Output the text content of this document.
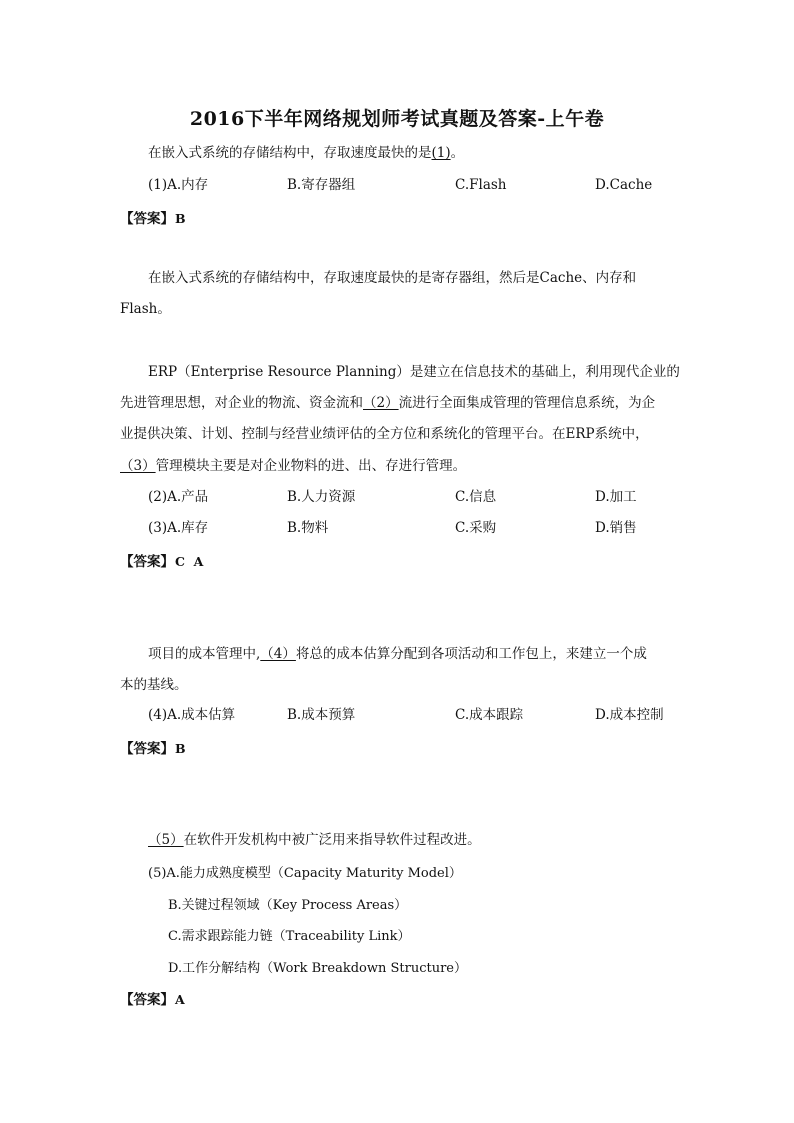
2016下半年网络规划师考试真题及答案-上午卷
在嵌入式系统的存储结构中，存取速度最快的是(1)。
(1)A.内存	B.寄存器组	C.Flash	D.Cache
【答案】B
在嵌入式系统的存储结构中，存取速度最快的是寄存器组，然后是Cache、内存和
Flash。
ERP（Enterprise Resource Planning）是建立在信息技术的基础上，利用现代企业的
先进管理思想，对企业的物流、资金流和（2）流进行全面集成管理的管理信息系统，为企
业提供决策、计划、控制与经营业绩评估的全方位和系统化的管理平台。在ERP系统中，
（3）管理模块主要是对企业物料的进、出、存进行管理。
(2)A.产品	B.人力资源	C.信息	D.加工
(3)A.库存	B.物料	C.采购	D.销售
【答案】C  A
项目的成本管理中,（4）将总的成本估算分配到各项活动和工作包上，来建立一个成
本的基线。
(4)A.成本估算	B.成本预算	C.成本跟踪	D.成本控制
【答案】B
（5）在软件开发机构中被广泛用来指导软件过程改进。
(5)A.能力成熟度模型（Capacity Maturity Model）
B.关键过程领域（Key Process Areas）
C.需求跟踪能力链（Traceability Link）
D.工作分解结构（Work Breakdown Structure）
【答案】A
